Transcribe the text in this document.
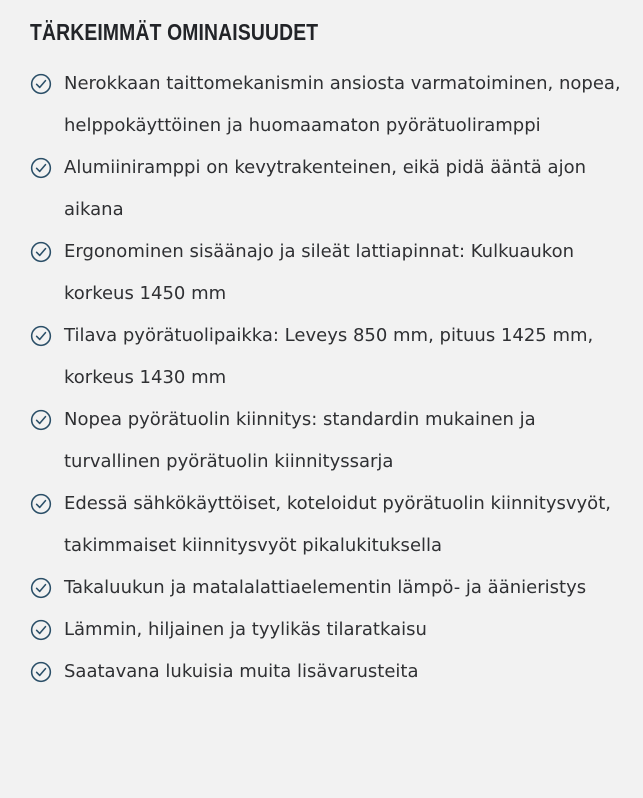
TÄRKEIMMÄT OMINAISUUDET
Nerokkaan taittomekanismin ansiosta varmatoiminen, nopea, helppokäyttöinen ja huomaamaton pyörätuoliramppi
Alumiiniramppi on kevytrakenteinen, eikä pidä ääntä ajon aikana
Ergonominen sisäänajo ja sileät lattiapinnat: Kulkuaukon korkeus 1450 mm
Tilava pyörätuolipaikka: Leveys 850 mm, pituus 1425 mm, korkeus 1430 mm
Nopea pyörätuolin kiinnitys: standardin mukainen ja turvallinen pyörätuolin kiinnityssarja
Edessä sähkökäyttöiset, koteloidut pyörätuolin kiinnitysvyöt, takimmaiset kiinnitysvyöt pikalukituksella
Takaluukun ja matalalattiaelementin lämpö- ja äänieristys
Lämmin, hiljainen ja tyylikäs tilaratkaisu
Saatavana lukuisia muita lisävarusteita
